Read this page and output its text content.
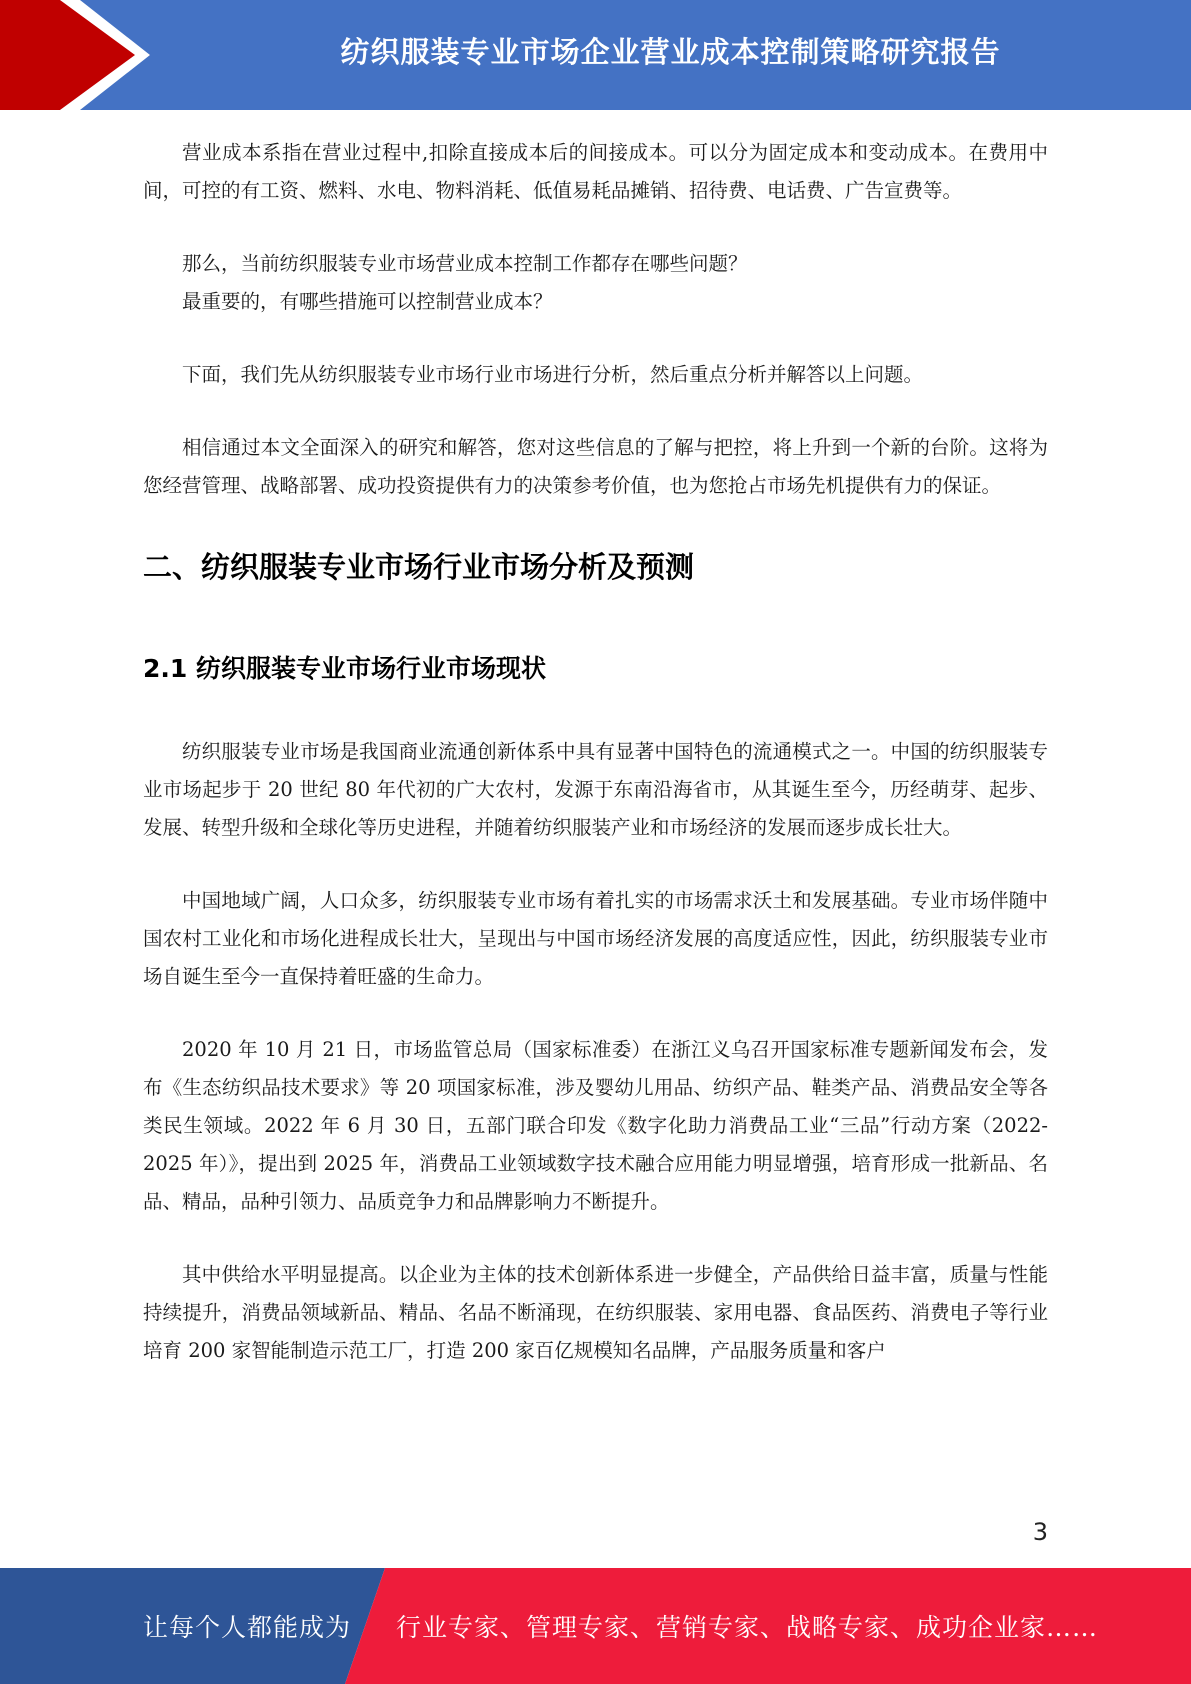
纺织服装专业市场企业营业成本控制策略研究报告

营业成本系指在营业过程中,扣除直接成本后的间接成本。可以分为固定成本和变动成本。在费用中间，可控的有工资、燃料、水电、物料消耗、低值易耗品摊销、招待费、电话费、广告宣费等。

那么，当前纺织服装专业市场营业成本控制工作都存在哪些问题？

最重要的，有哪些措施可以控制营业成本？

下面，我们先从纺织服装专业市场行业市场进行分析，然后重点分析并解答以上问题。

相信通过本文全面深入的研究和解答，您对这些信息的了解与把控，将上升到一个新的台阶。这将为您经营管理、战略部署、成功投资提供有力的决策参考价值，也为您抢占市场先机提供有力的保证。

二、纺织服装专业市场行业市场分析及预测
2.1 纺织服装专业市场行业市场现状

纺织服装专业市场是我国商业流通创新体系中具有显著中国特色的流通模式之一。中国的纺织服装专业市场起步于 20 世纪 80 年代初的广大农村，发源于东南沿海省市，从其诞生至今，历经萌芽、起步、发展、转型升级和全球化等历史进程，并随着纺织服装产业和市场经济的发展而逐步成长壮大。

中国地域广阔，人口众多，纺织服装专业市场有着扎实的市场需求沃土和发展基础。专业市场伴随中国农村工业化和市场化进程成长壮大，呈现出与中国市场经济发展的高度适应性，因此，纺织服装专业市场自诞生至今一直保持着旺盛的生命力。

2020 年 10 月 21 日，市场监管总局（国家标准委）在浙江义乌召开国家标准专题新闻发布会，发布《生态纺织品技术要求》等 20 项国家标准，涉及婴幼儿用品、纺织产品、鞋类产品、消费品安全等各类民生领域。2022 年 6 月 30 日，五部门联合印发《数字化助力消费品工业“三品”行动方案（2022-2025 年）》，提出到 2025 年，消费品工业领域数字技术融合应用能力明显增强，培育形成一批新品、名品、精品，品种引领力、品质竞争力和品牌影响力不断提升。

其中供给水平明显提高。以企业为主体的技术创新体系进一步健全，产品供给日益丰富，质量与性能持续提升，消费品领域新品、精品、名品不断涌现，在纺织服装、家用电器、食品医药、消费电子等行业培育 200 家智能制造示范工厂，打造 200 家百亿规模知名品牌，产品服务质量和客户

3
让每个人都能成为 行业专家、管理专家、营销专家、战略专家、成功企业家……
